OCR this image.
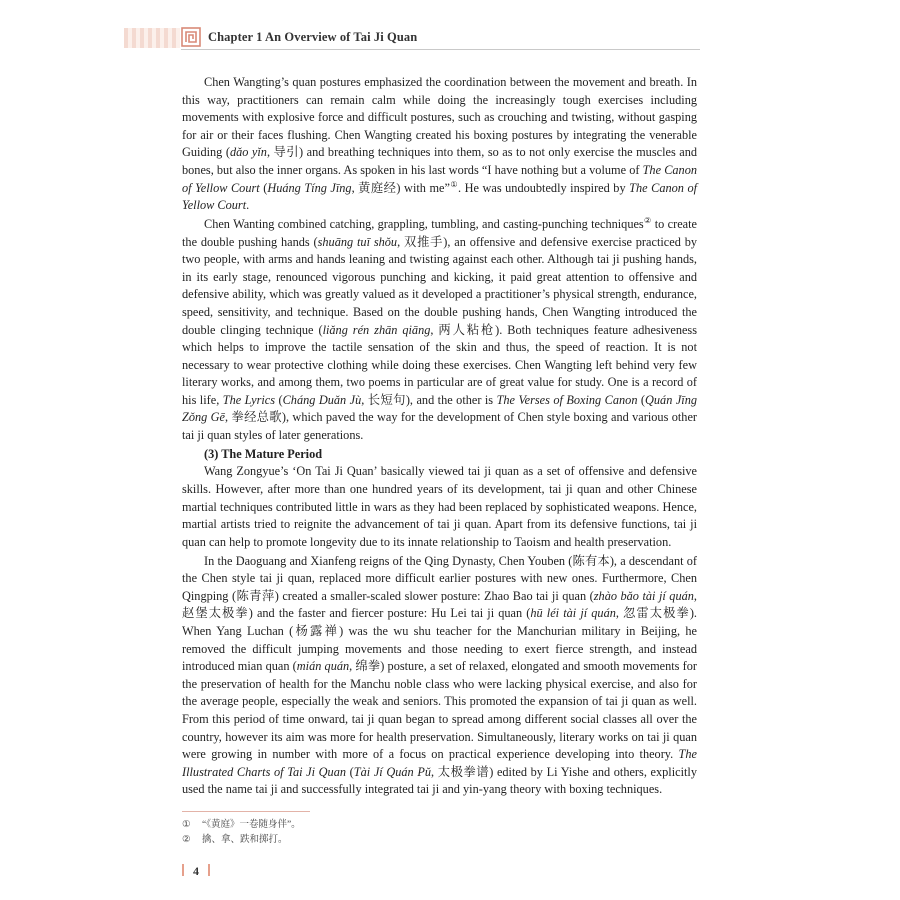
Chapter 1 An Overview of Tai Ji Quan

Chen Wangting’s quan postures emphasized the coordination between the movement and breath. In this way, practitioners can remain calm while doing the increasingly tough exercises including movements with explosive force and difficult postures, such as crouching and twisting, without gasping for air or their faces flushing. Chen Wangting created his boxing postures by integrating the venerable Guiding (dǎo yǐn, 导引) and breathing techniques into them, so as to not only exercise the muscles and bones, but also the inner organs. As spoken in his last words “I have nothing but a volume of The Canon of Yellow Court (Huáng Tíng Jīng, 黄庭经) with me”①. He was undoubtedly inspired by The Canon of Yellow Court.

Chen Wanting combined catching, grappling, tumbling, and casting-punching techniques② to create the double pushing hands (shuāng tuī shǒu, 双推手), an offensive and defensive exercise practiced by two people, with arms and hands leaning and twisting against each other. Although tai ji pushing hands, in its early stage, renounced vigorous punching and kicking, it paid great attention to offensive and defensive ability, which was greatly valued as it developed a practitioner’s physical strength, endurance, speed, sensitivity, and technique. Based on the double pushing hands, Chen Wangting introduced the double clinging technique (liǎng rén zhān qiāng, 两人粘枪). Both techniques feature adhesiveness which helps to improve the tactile sensation of the skin and thus, the speed of reaction. It is not necessary to wear protective clothing while doing these exercises. Chen Wangting left behind very few literary works, and among them, two poems in particular are of great value for study. One is a record of his life, The Lyrics (Cháng Duǎn Jù, 长短句), and the other is The Verses of Boxing Canon (Quán Jīng Zǒng Gē, 拳经总歌), which paved the way for the development of Chen style boxing and various other tai ji quan styles of later generations.

(3) The Mature Period

Wang Zongyue’s ‘On Tai Ji Quan’ basically viewed tai ji quan as a set of offensive and defensive skills. However, after more than one hundred years of its development, tai ji quan and other Chinese martial techniques contributed little in wars as they had been replaced by sophisticated weapons. Hence, martial artists tried to reignite the advancement of tai ji quan. Apart from its defensive functions, tai ji quan can help to promote longevity due to its innate relationship to Taoism and health preservation.

In the Daoguang and Xianfeng reigns of the Qing Dynasty, Chen Youben (陈有本), a descendant of the Chen style tai ji quan, replaced more difficult earlier postures with new ones. Furthermore, Chen Qingping (陈青萍) created a smaller-scaled slower posture: Zhao Bao tai ji quan (zhào bǎo tài jí quán, 赵堡太极拳) and the faster and fiercer posture: Hu Lei tai ji quan (hū léi tài jí quán, 忽雷太极拳). When Yang Luchan (杨露禅) was the wu shu teacher for the Manchurian military in Beijing, he removed the difficult jumping movements and those needing to exert fierce strength, and instead introduced mian quan (mián quán, 绵拳) posture, a set of relaxed, elongated and smooth movements for the preservation of health for the Manchu noble class who were lacking physical exercise, and also for the average people, especially the weak and seniors. This promoted the expansion of tai ji quan as well. From this period of time onward, tai ji quan began to spread among different social classes all over the country, however its aim was more for health preservation. Simultaneously, literary works on tai ji quan were growing in number with more of a focus on practical experience developing into theory. The Illustrated Charts of Tai Ji Quan (Tài Jí Quán Pǔ, 太极拳谱) edited by Li Yishe and others, explicitly used the name tai ji and successfully integrated tai ji and yin-yang theory with boxing techniques.

① “《黄庭》一卷随身伴”。
② 擒、拿、跌和掷打。
4
